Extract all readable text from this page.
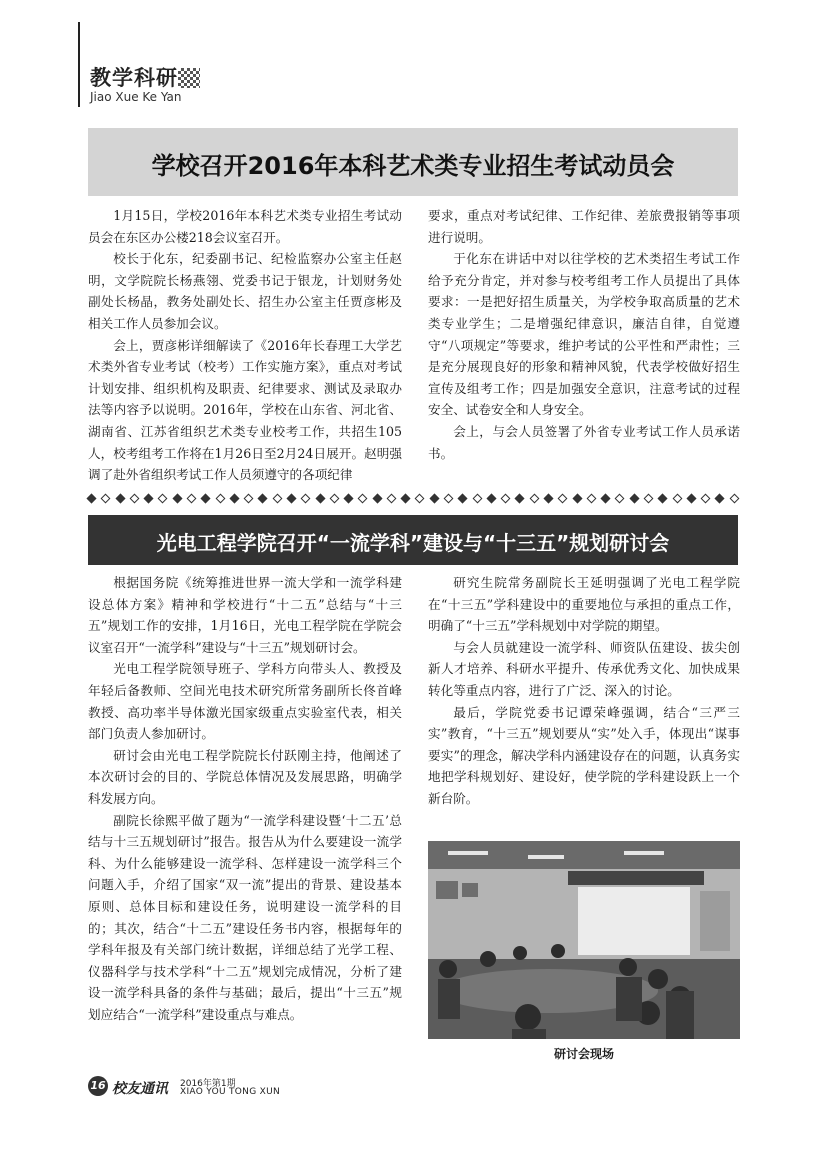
教学科研
Jiao Xue Ke Yan
学校召开2016年本科艺术类专业招生考试动员会

1月15日，学校2016年本科艺术类专业招生考试动员会在东区办公楼218会议室召开。

校长于化东，纪委副书记、纪检监察办公室主任赵明，文学院院长杨燕翎、党委书记于银龙，计划财务处副处长杨晶，教务处副处长、招生办公室主任贾彦彬及相关工作人员参加会议。

会上，贾彦彬详细解读了《2016年长春理工大学艺术类外省专业考试（校考）工作实施方案》，重点对考试计划安排、组织机构及职责、纪律要求、测试及录取办法等内容予以说明。2016年，学校在山东省、河北省、湖南省、江苏省组织艺术类专业校考工作，共招生105人，校考组考工作将在1月26日至2月24日展开。赵明强调了赴外省组织考试工作人员须遵守的各项纪律

要求，重点对考试纪律、工作纪律、差旅费报销等事项进行说明。

于化东在讲话中对以往学校的艺术类招生考试工作给予充分肯定，并对参与校考组考工作人员提出了具体要求：一是把好招生质量关，为学校争取高质量的艺术类专业学生；二是增强纪律意识，廉洁自律，自觉遵守“八项规定”等要求，维护考试的公平性和严肃性；三是充分展现良好的形象和精神风貌，代表学校做好招生宣传及组考工作；四是加强安全意识，注意考试的过程安全、试卷安全和人身安全。

会上，与会人员签署了外省专业考试工作人员承诺书。

光电工程学院召开“一流学科”建设与“十三五”规划研讨会

根据国务院《统筹推进世界一流大学和一流学科建设总体方案》精神和学校进行“十二五”总结与“十三五”规划工作的安排，1月16日，光电工程学院在学院会议室召开“一流学科”建设与“十三五”规划研讨会。

光电工程学院领导班子、学科方向带头人、教授及年轻后备教师、空间光电技术研究所常务副所长佟首峰教授、高功率半导体激光国家级重点实验室代表，相关部门负责人参加研讨。

研讨会由光电工程学院院长付跃刚主持，他阐述了本次研讨会的目的、学院总体情况及发展思路，明确学科发展方向。

副院长徐熙平做了题为“一流学科建设暨‘十二五’总结与十三五规划研讨”报告。报告从为什么要建设一流学科、为什么能够建设一流学科、怎样建设一流学科三个问题入手，介绍了国家“双一流”提出的背景、建设基本原则、总体目标和建设任务，说明建设一流学科的目的；其次，结合“十二五”建设任务书内容，根据每年的学科年报及有关部门统计数据，详细总结了光学工程、仪器科学与技术学科“十二五”规划完成情况，分析了建设一流学科具备的条件与基础；最后，提出“十三五”规划应结合“一流学科”建设重点与难点。

研究生院常务副院长王延明强调了光电工程学院在“十三五”学科建设中的重要地位与承担的重点工作，明确了“十三五”学科规划中对学院的期望。

与会人员就建设一流学科、师资队伍建设、拔尖创新人才培养、科研水平提升、传承优秀文化、加快成果转化等重点内容，进行了广泛、深入的讨论。

最后，学院党委书记谭荣峰强调，结合“三严三实”教育，“十三五”规划要从“实”处入手，体现出“谋事要实”的理念，解决学科内涵建设存在的问题，认真务实地把学科规划好、建设好，使学院的学科建设跃上一个新台阶。

研讨会现场
16 校友通讯 2016年第1期
XIAO YOU TONG XUN
